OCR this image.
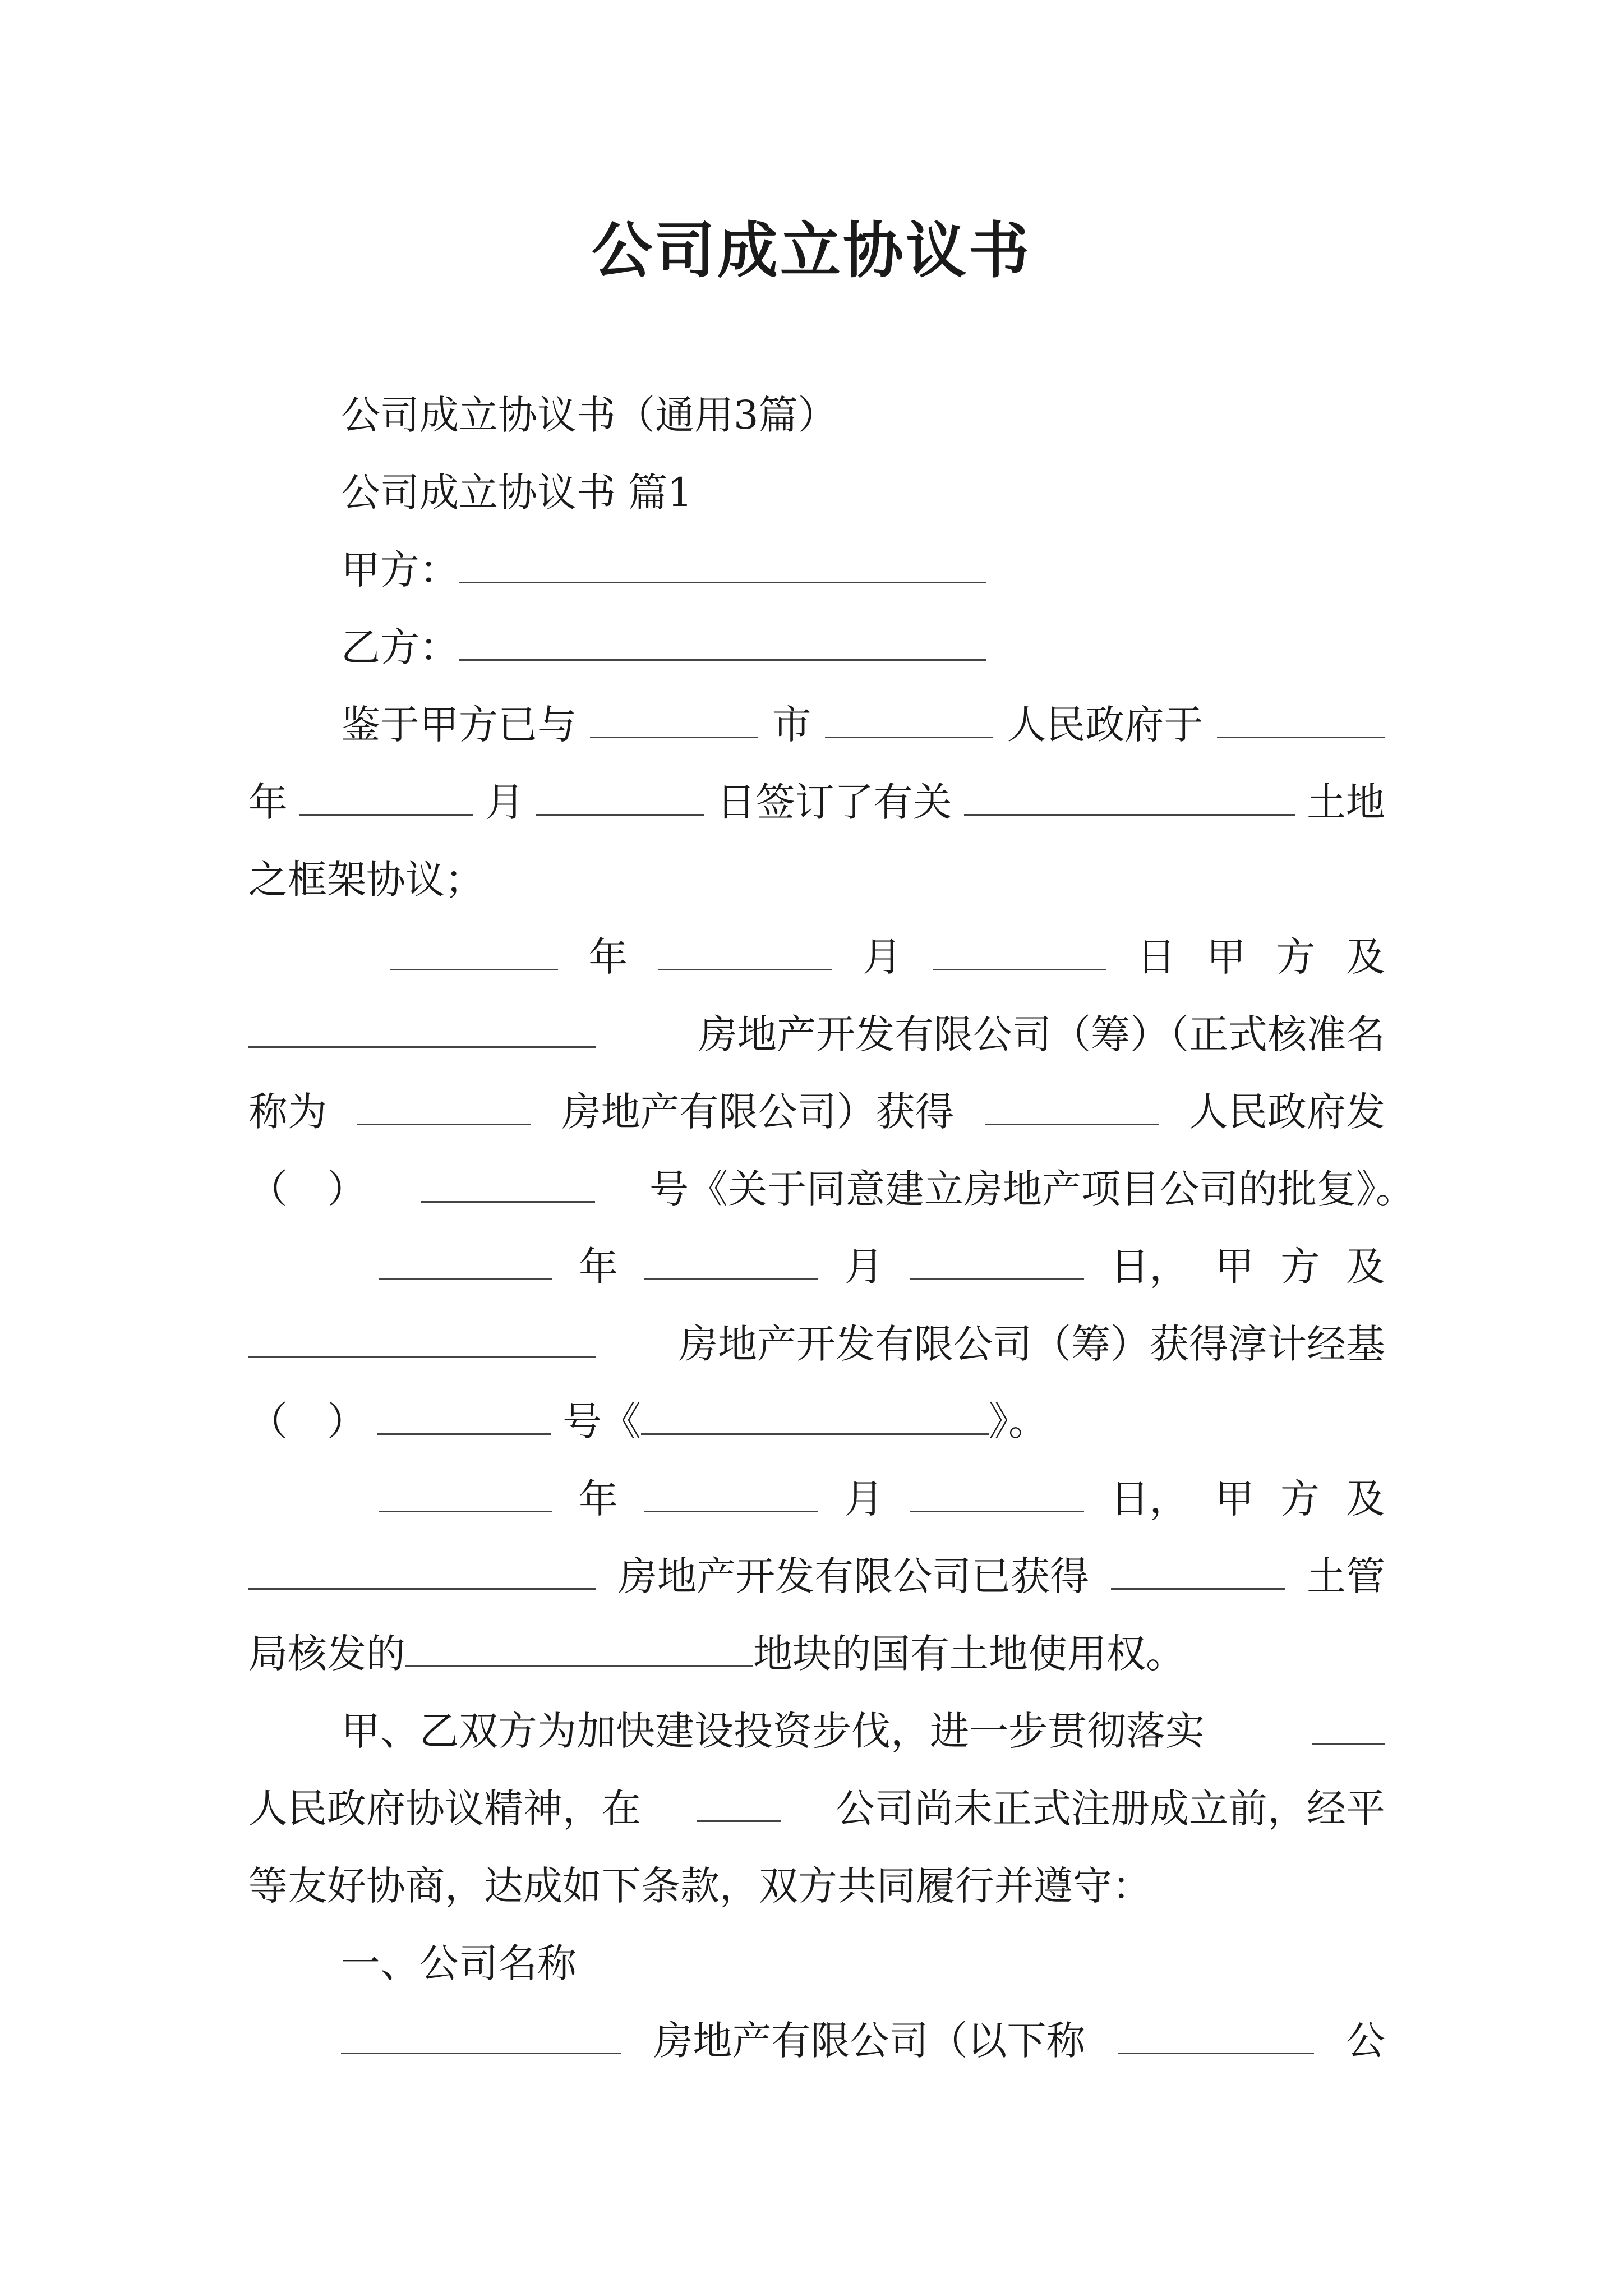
公司成立协议书
公司成立协议书（通用3篇）
公司成立协议书 篇1
甲方：
乙方：
鉴于甲方已与	市	人民政府于
年	月	日签订了有关	土地
之框架协议；
年	月	日 甲 方 及
房地产开发有限公司（筹）（正式核准名
称为	房地产有限公司）获得	人民政府发
（　）	号《关于同意建立房地产项目公司的批复》。
年	月	日， 甲 方 及
房地产开发有限公司（筹）获得淳计经基
（　）	号《	》。
年	月	日， 甲 方 及
房地产开发有限公司已获得	土管
局核发的	地块的国有土地使用权。
甲、乙双方为加快建设投资步伐，进一步贯彻落实
人民政府协议精神，在	公司尚未正式注册成立前，经平
等友好协商，达成如下条款，双方共同履行并遵守：
一、公司名称
房地产有限公司（以下称	公
